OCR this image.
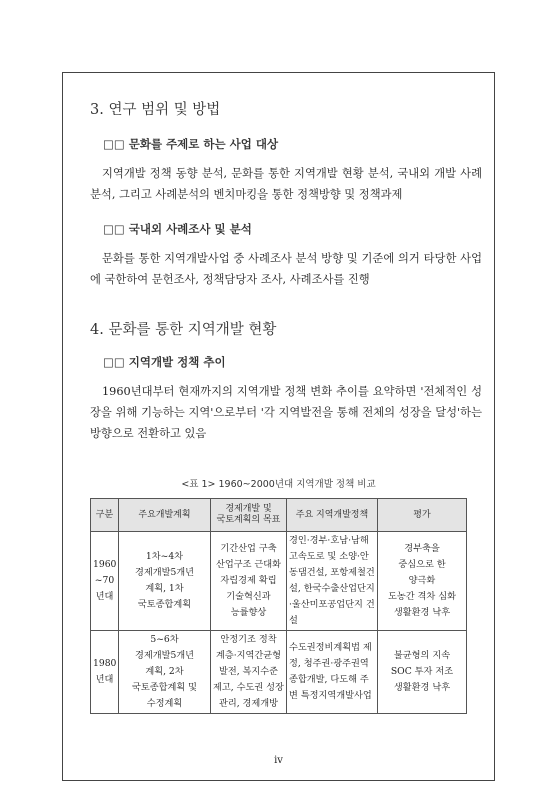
3. 연구 범위 및 방법
□□ 문화를 주제로 하는 사업 대상
지역개발 정책 동향 분석, 문화를 통한 지역개발 현황 분석, 국내외 개발 사례 분석, 그리고 사례분석의 벤치마킹을 통한 정책방향 및 정책과제
□□ 국내외 사례조사 및 분석
문화를 통한 지역개발사업 중 사례조사 분석 방향 및 기준에 의거 타당한 사업에 국한하여 문헌조사, 정책담당자 조사, 사례조사를 진행
4. 문화를 통한 지역개발 현황
□□ 지역개발 정책 추이
1960년대부터 현재까지의 지역개발 정책 변화 추이를 요약하면 '전체적인 성장을 위해 기능하는 지역'으로부터 '각 지역발전을 통해 전체의 성장을 달성'하는 방향으로 전환하고 있음
<표 1> 1960~2000년대 지역개발 정책 비교
구분	주요개발계획	경제개발 및
국토계획의 목표	주요 지역개발정책	평가
1960
~70
년대	1차~4차
경제개발5개년
계획, 1차
국토종합계획	기간산업 구축
산업구조 근대화
자립경제 확립
기술혁신과
능률향상	경인·경부·호남·남해고속도로 및 소양·안동댐건설, 포항제철건설, 한국수출산업단지·울산미포공업단지 건설	경부축을
중심으로 한
양극화
도농간 격차 심화
생활환경 낙후
1980
년대	5~6차
경제개발5개년
계획, 2차
국토종합계획 및
수정계획	안정기조 정착
계층·지역간균형
발전, 복지수준
제고, 수도권 성장
관리, 경제개방	수도권정비계획법 제정, 청주권·광주권역 종합개발, 다도해 주변 특정지역개발사업	불균형의 지속
SOC 투자 저조
생활환경 낙후
iv
